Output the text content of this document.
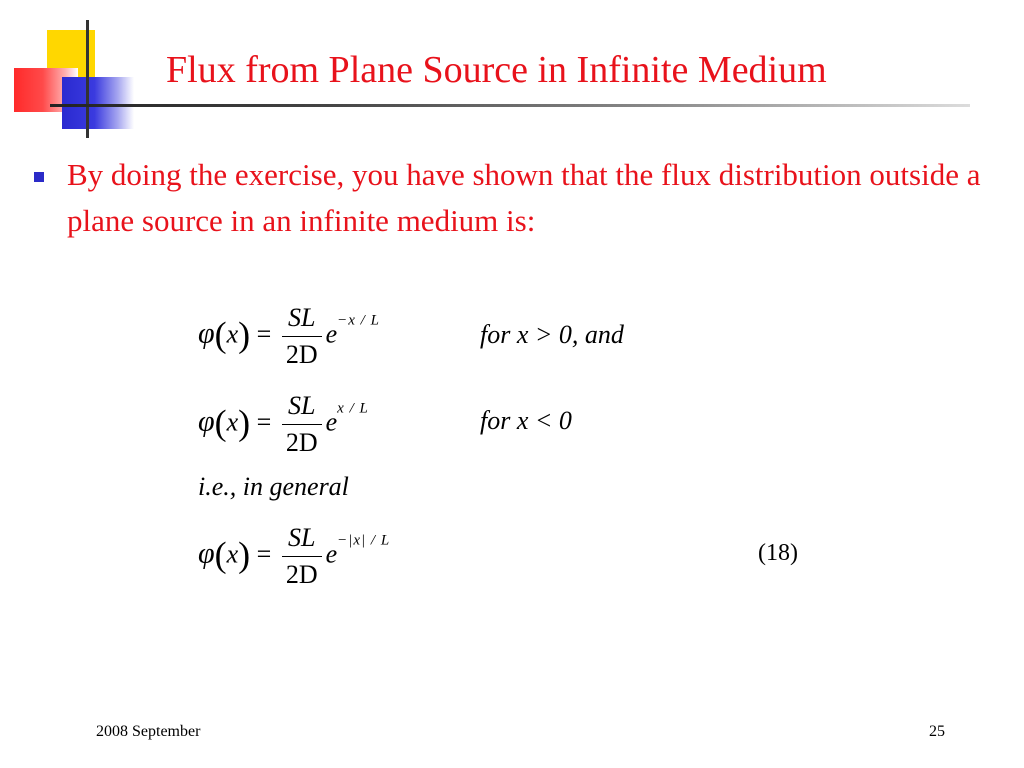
Flux from Plane Source in Infinite Medium

By doing the exercise, you have shown that the flux distribution outside a plane source in an infinite medium is:

$\varphi(x) = \frac{SL}{2D} e^{-x / L}$	for x > 0, and
$\varphi(x) = \frac{SL}{2D} e^{x / L}$	for x < 0
i.e., in general
$\varphi(x) = \frac{SL}{2D} e^{-|x| / L}$	(18)
2008 September	25
